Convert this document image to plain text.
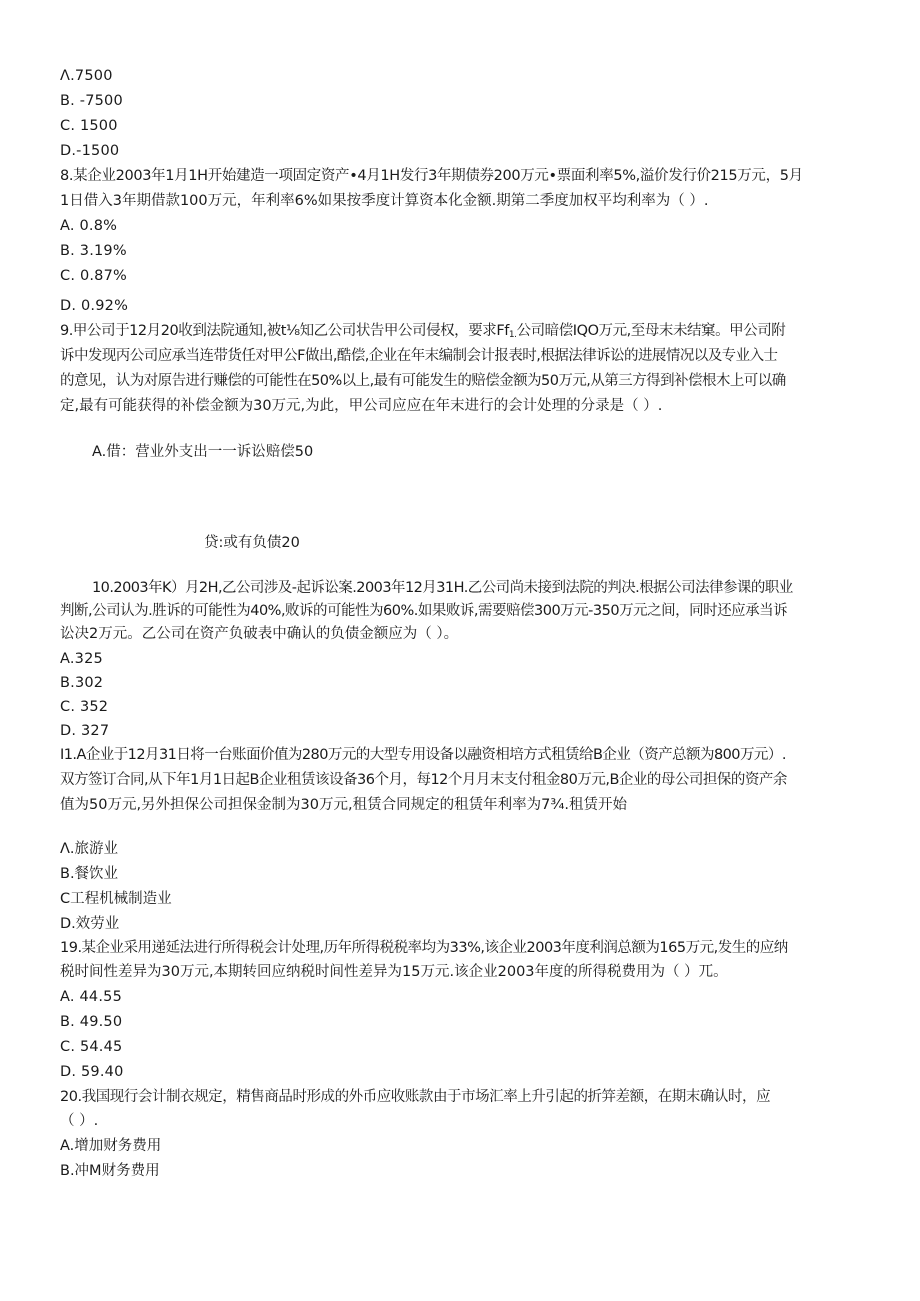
Λ.7500
B. -7500
C. 1500
D.-1500
8.某企业2003年1月1H开始建造一项固定资产•4月1H发行3年期债券200万元•票面利率5%,溢价发行价215万元，5月
1日借入3年期借款100万元，年利率6%如果按季度计算资本化金额.期第二季度加权平均利率为（ ）.
A. 0.8%
B. 3.19%
C. 0.87%
D. 0.92%
9.甲公司于12月20收到法院通知,被t⅛知乙公司状告甲公司侵权，要求$Ff_{1.}$公司暗偿IQO万元,至母末未结窠。甲公司附
诉中发现丙公司应承当连带货任对甲公F做出,酷偿,企业在年末编制会计报表时,根据法律诉讼的进展情况以及专业入士
的意见，认为对原告进行赚偿的可能性在50%以上,最有可能发生的赔偿金额为50万元,从第三方得到补偿根木上可以确
定,最有可能获得的补偿金额为30万元,为此，甲公司应应在年末进行的会计处理的分录是（ ）.
A.借：营业外支出一一诉讼赔偿50
贷:或有负债20
10.2003年K）月2H,乙公司涉及-起诉讼案.2003年12月31H.乙公司尚未接到法院的判决.根据公司法律参课的职业
判断,公司认为.胜诉的可能性为40%,败诉的可能性为60%.如果败诉,需要赔偿300万元-350万元之间，同时还应承当诉
讼决2万元。乙公司在资产负破表中确认的负债金额应为（ ）。
A.325
B.302
C. 352
D. 327
I1.A企业于12月31日将一台账面价值为280万元的大型专用设备以融资相培方式租赁给B企业（资产总额为800万元）.
双方签订合同,从下年1月1日起B企业租赁该设备36个月，每12个月月末支付租金80万元,B企业的母公司担保的资产余
值为50万元,另外担保公司担保金制为30万元,租赁合同规定的租赁年利率为7¾.租赁开始
Λ.旅游业
B.餐饮业
C工程机械制造业
D.效劳业
19.某企业采用递延法进行所得税会计处理,历年所得税税率均为33%,该企业2003年度利润总额为165万元,发生的应纳
税时间性差异为30万元,本期转回应纳税时间性差异为15万元.该企业2003年度的所得税费用为（ ）兀。
A. 44.55
B. 49.50
C. 54.45
D. 59.40
20.我国现行会计制衣规定，精售商品时形成的外币应收账款由于市场汇率上升引起的折笄差额，在期末确认时，应
（ ）.
A.增加财务费用
B.冲M财务费用
